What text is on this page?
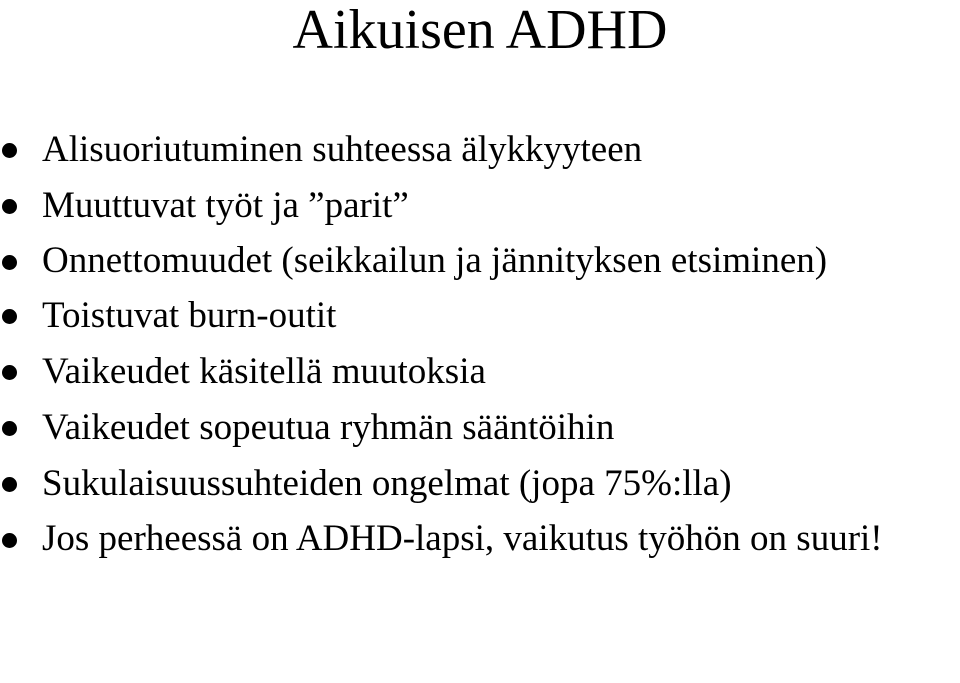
Aikuisen ADHD
Alisuoriutuminen suhteessa älykkyyteen
Muuttuvat työt ja ”parit”
Onnettomuudet (seikkailun ja jännityksen etsiminen)
Toistuvat burn-outit
Vaikeudet käsitellä muutoksia
Vaikeudet sopeutua ryhmän sääntöihin
Sukulaisuussuhteiden ongelmat (jopa 75%:lla)
Jos perheessä on ADHD-lapsi, vaikutus työhön on suuri!
